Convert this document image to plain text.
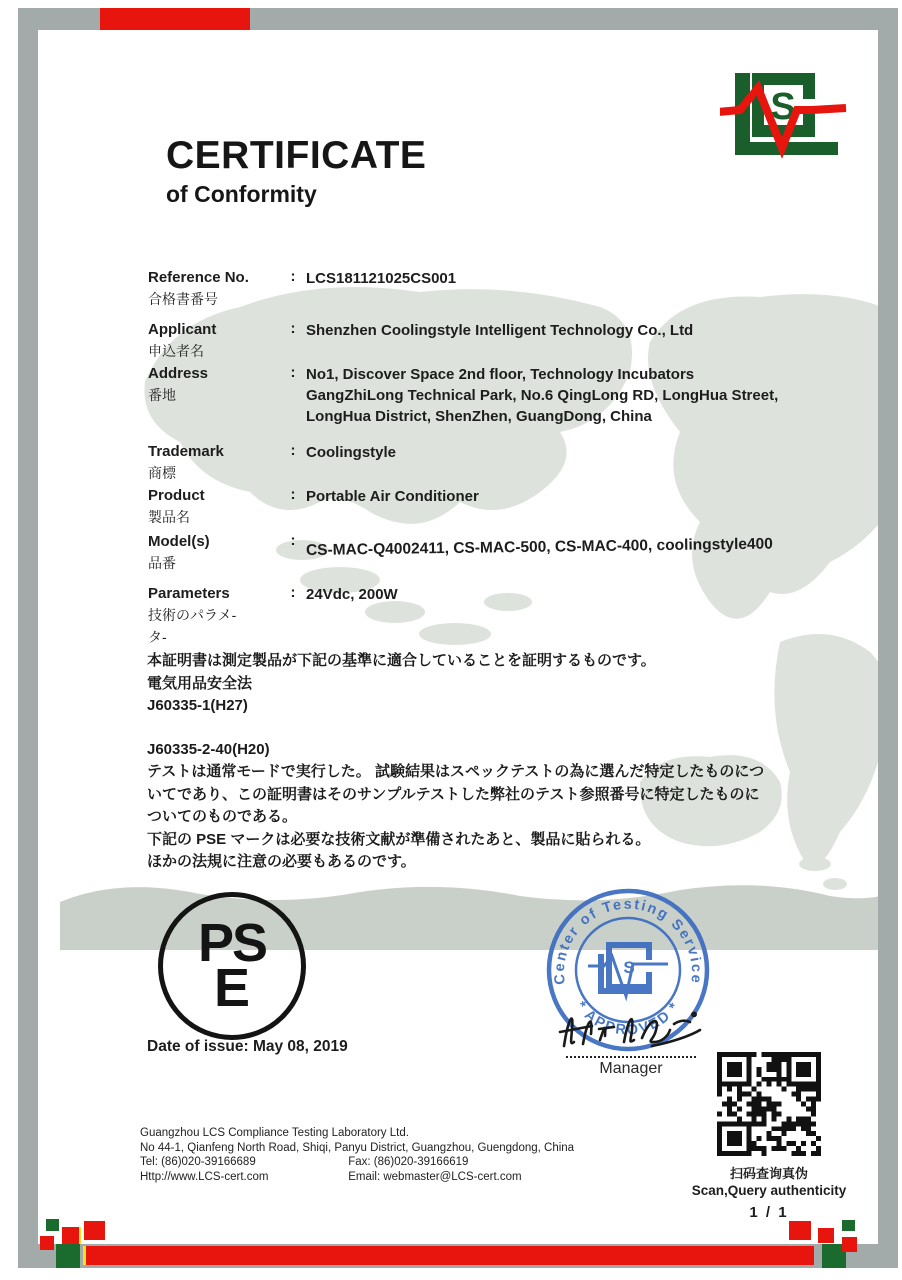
S
CERTIFICATE
of Conformity
Reference No.
合格書番号
: LCS181121025CS001
Applicant
申込者名
: Shenzhen Coolingstyle Intelligent Technology Co., Ltd
Address
番地
: No1, Discover Space 2nd floor, Technology Incubators
GangZhiLong Technical Park, No.6 QingLong RD, LongHua Street,
LongHua District, ShenZhen, GuangDong, China
Trademark
商標
: Coolingstyle
Product
製品名
: Portable Air Conditioner
Model(s)
品番
: CS-MAC-Q4002411, CS-MAC-500, CS-MAC-400, coolingstyle400
Parameters
技術のパラメ-
タ-
: 24Vdc, 200W
本証明書は測定製品が下記の基準に適合していることを証明するものです。
電気用品安全法
J60335-1(H27)
J60335-2-40(H20)
テストは通常モードで実行した。 試験結果はスペックテストの為に選んだ特定したものにつ
いてであり、この証明書はそのサンプルテストした弊社のテスト参照番号に特定したものに
ついてのものである。
下記の PSE マークは必要な技術文献が準備されたあと、製品に貼られる。
ほかの法規に注意の必要もあるのです。
PS
E	Center of Testing Service
* APPROVED *
S
Manager
Date of issue: May 08, 2019
Guangzhou LCS Compliance Testing Laboratory Ltd.
No 44-1, Qianfeng North Road, Shiqi, Panyu District, Guangzhou, Guengdong, China
Tel: (86)020-39166689	Fax: (86)020-39166619
Http://www.LCS-cert.com	Email: webmaster@LCS-cert.com	扫码查询真伪
Scan,Query authenticity
1 / 1
